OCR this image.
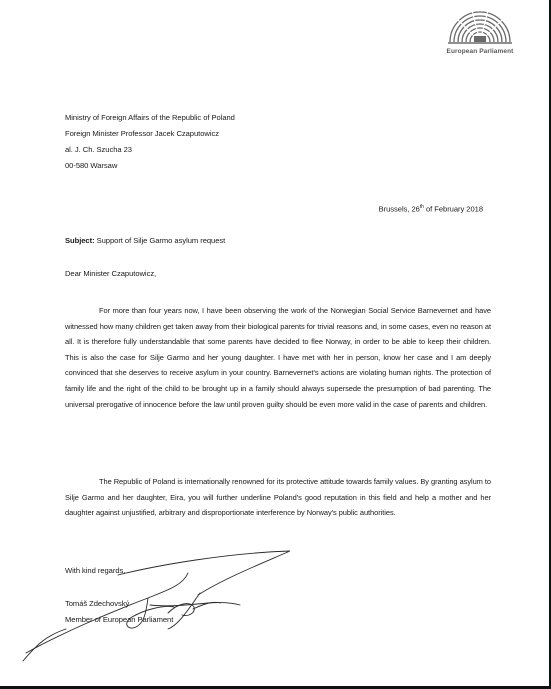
European Parliament
Ministry of Foreign Affairs of the Republic of Poland
Foreign Minister Professor Jacek Czaputowicz
al. J. Ch. Szucha 23
00-580 Warsaw
Brussels, 26th of February 2018
Subject: Support of Silje Garmo asylum request
Dear Minister Czaputowicz,
For more than four years now, I have been observing the work of the Norwegian Social Service Barnevernet and have witnessed how many children get taken away from their biological parents for trivial reasons and, in some cases, even no reason at all. It is therefore fully understandable that some parents have decided to flee Norway, in order to be able to keep their children. This is also the case for Silje Garmo and her young daughter. I have met with her in person, know her case and I am deeply convinced that she deserves to receive asylum in your country. Barnevernet's actions are violating human rights. The protection of family life and the right of the child to be brought up in a family should always supersede the presumption of bad parenting. The universal prerogative of innocence before the law until proven guilty should be even more valid in the case of parents and children.
The Republic of Poland is internationally renowned for its protective attitude towards family values. By granting asylum to Silje Garmo and her daughter, Eira, you will further underline Poland's good reputation in this field and help a mother and her daughter against unjustified, arbitrary and disproportionate interference by Norway's public authorities.
With kind regards,
Tomáš Zdechovský
Member of European Parliament
